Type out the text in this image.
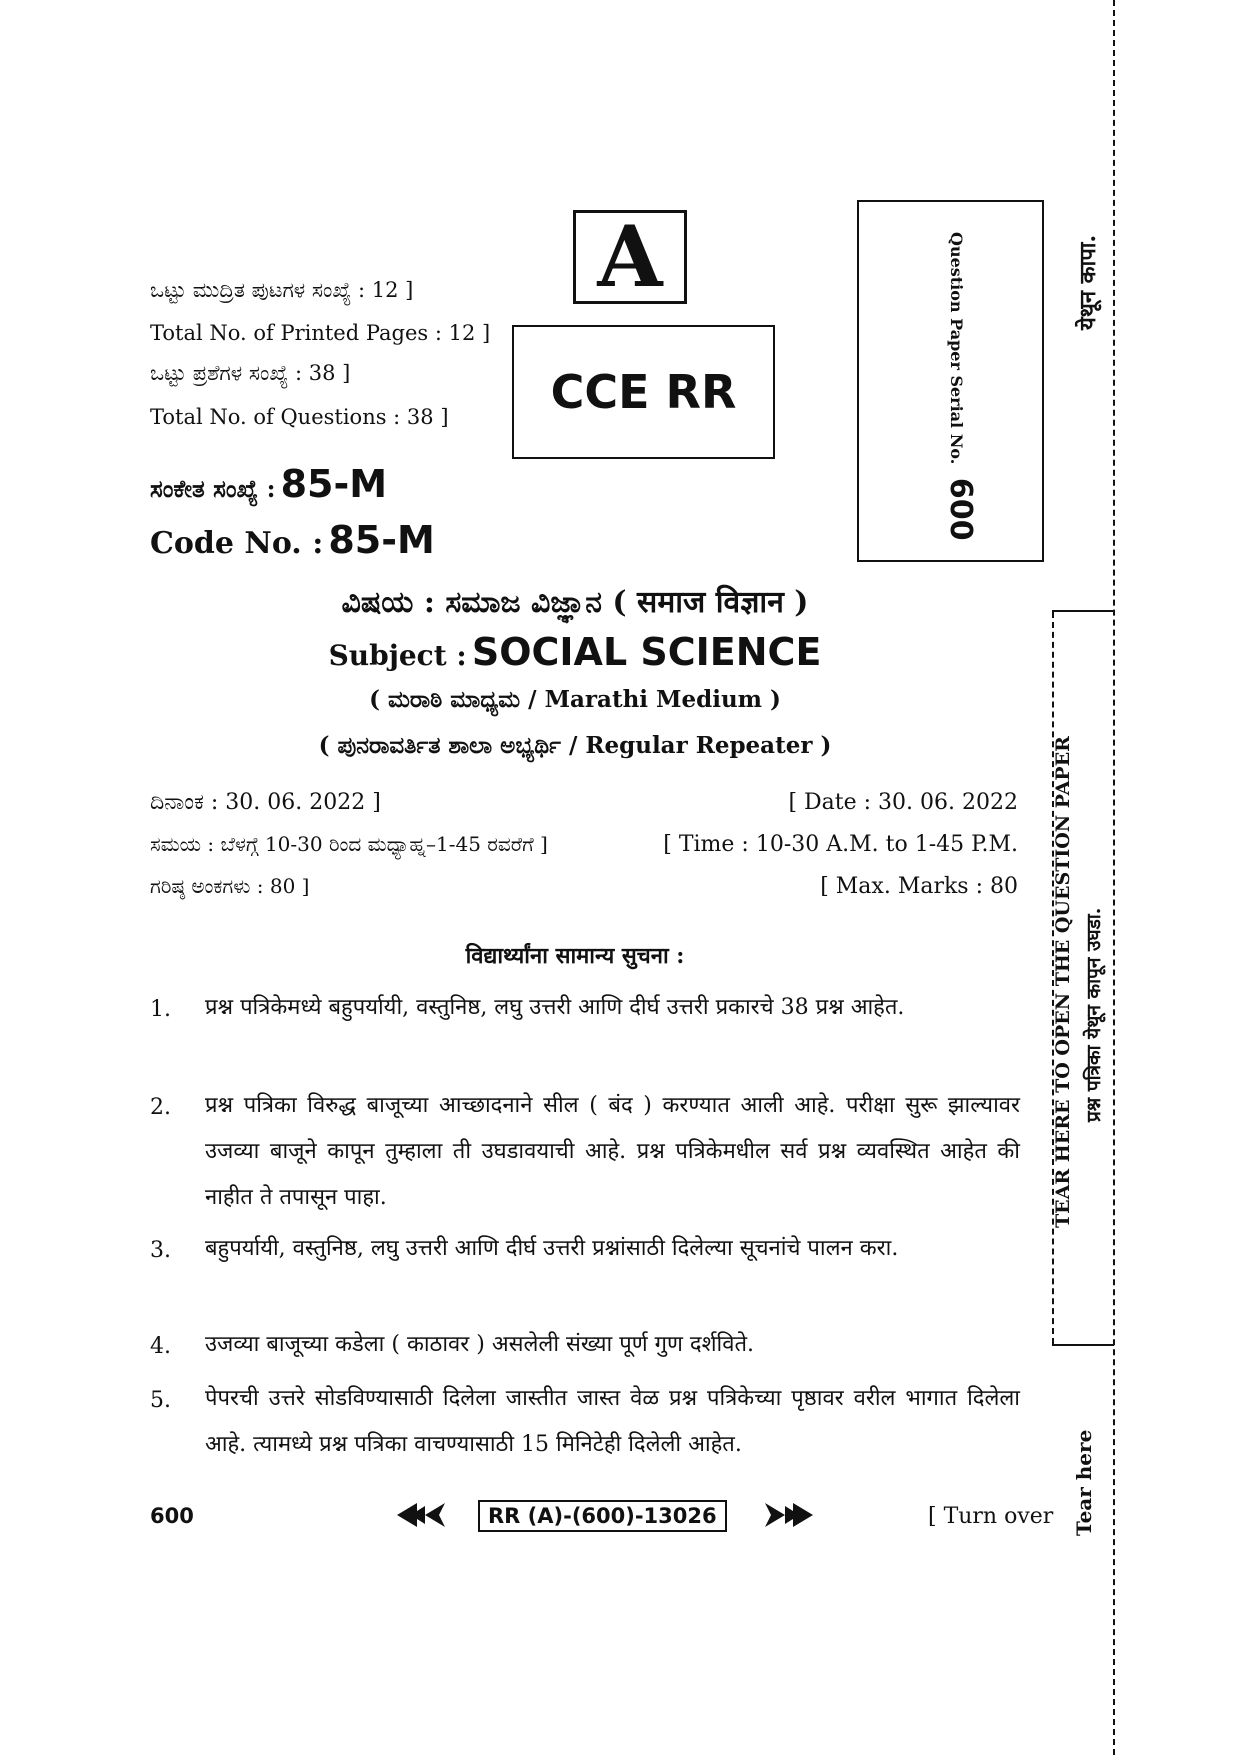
येथून कापा.
TEAR HERE TO OPEN THE QUESTION PAPER प्रश्न पत्रिका येथून कापून उघडा.
Tear here
ಒಟ್ಟು ಮುದ್ರಿತ ಪುಟಗಳ ಸಂಖ್ಯೆ : 12 ]
Total No. of Printed Pages : 12 ]
ಒಟ್ಟು ಪ್ರಶೆಗಳ ಸಂಖ್ಯೆ : 38 ]
Total No. of Questions : 38 ]
ಸಂಕೇತ ಸಂಖ್ಯೆ : 85-M
Code No. : 85-M
A
CCE RR	Question Paper Serial No. 600
ವಿಷಯ : ಸಮಾಜ ವಿಜ್ಞಾನ ( समाज विज्ञान )
Subject : SOCIAL SCIENCE
( ಮರಾಠಿ ಮಾಧ್ಯಮ / Marathi Medium )
( ಪುನರಾವರ್ತಿತ ಶಾಲಾ ಅಭ್ಯರ್ಥಿ / Regular Repeater )
ದಿನಾಂಕ : 30. 06. 2022 ]	[ Date : 30. 06. 2022
ಸಮಯ : ಬೆಳಗ್ಗೆ 10-30 ರಿಂದ ಮಧ್ಯಾಹ್ನ–1-45 ರವರೆಗೆ ]	[ Time : 10-30 A.M. to 1-45 P.M.
ಗರಿಷ್ಠ ಅಂಕಗಳು : 80 ]	[ Max. Marks : 80
विद्यार्थ्यांना सामान्य सुचना :
1. प्रश्न पत्रिकेमध्ये बहुपर्यायी, वस्तुनिष्ठ, लघु उत्तरी आणि दीर्घ उत्तरी प्रकारचे 38 प्रश्न आहेत.
2. प्रश्न पत्रिका विरुद्ध बाजूच्या आच्छादनाने सील ( बंद ) करण्यात आली आहे. परीक्षा सुरू झाल्यावर उजव्या बाजूने कापून तुम्हाला ती उघडावयाची आहे. प्रश्न पत्रिकेमधील सर्व प्रश्न व्यवस्थित आहेत की नाहीत ते तपासून पाहा.
3. बहुपर्यायी, वस्तुनिष्ठ, लघु उत्तरी आणि दीर्घ उत्तरी प्रश्नांसाठी दिलेल्या सूचनांचे पालन करा.
4. उजव्या बाजूच्या कडेला ( काठावर ) असलेली संख्या पूर्ण गुण दर्शविते.
5. पेपरची उत्तरे सोडविण्यासाठी दिलेला जास्तीत जास्त वेळ प्रश्न पत्रिकेच्या पृष्ठावर वरील भागात दिलेला आहे. त्यामध्ये प्रश्न पत्रिका वाचण्यासाठी 15 मिनिटेही दिलेली आहेत.
600	RR (A)-(600)-13026	[ Turn over
